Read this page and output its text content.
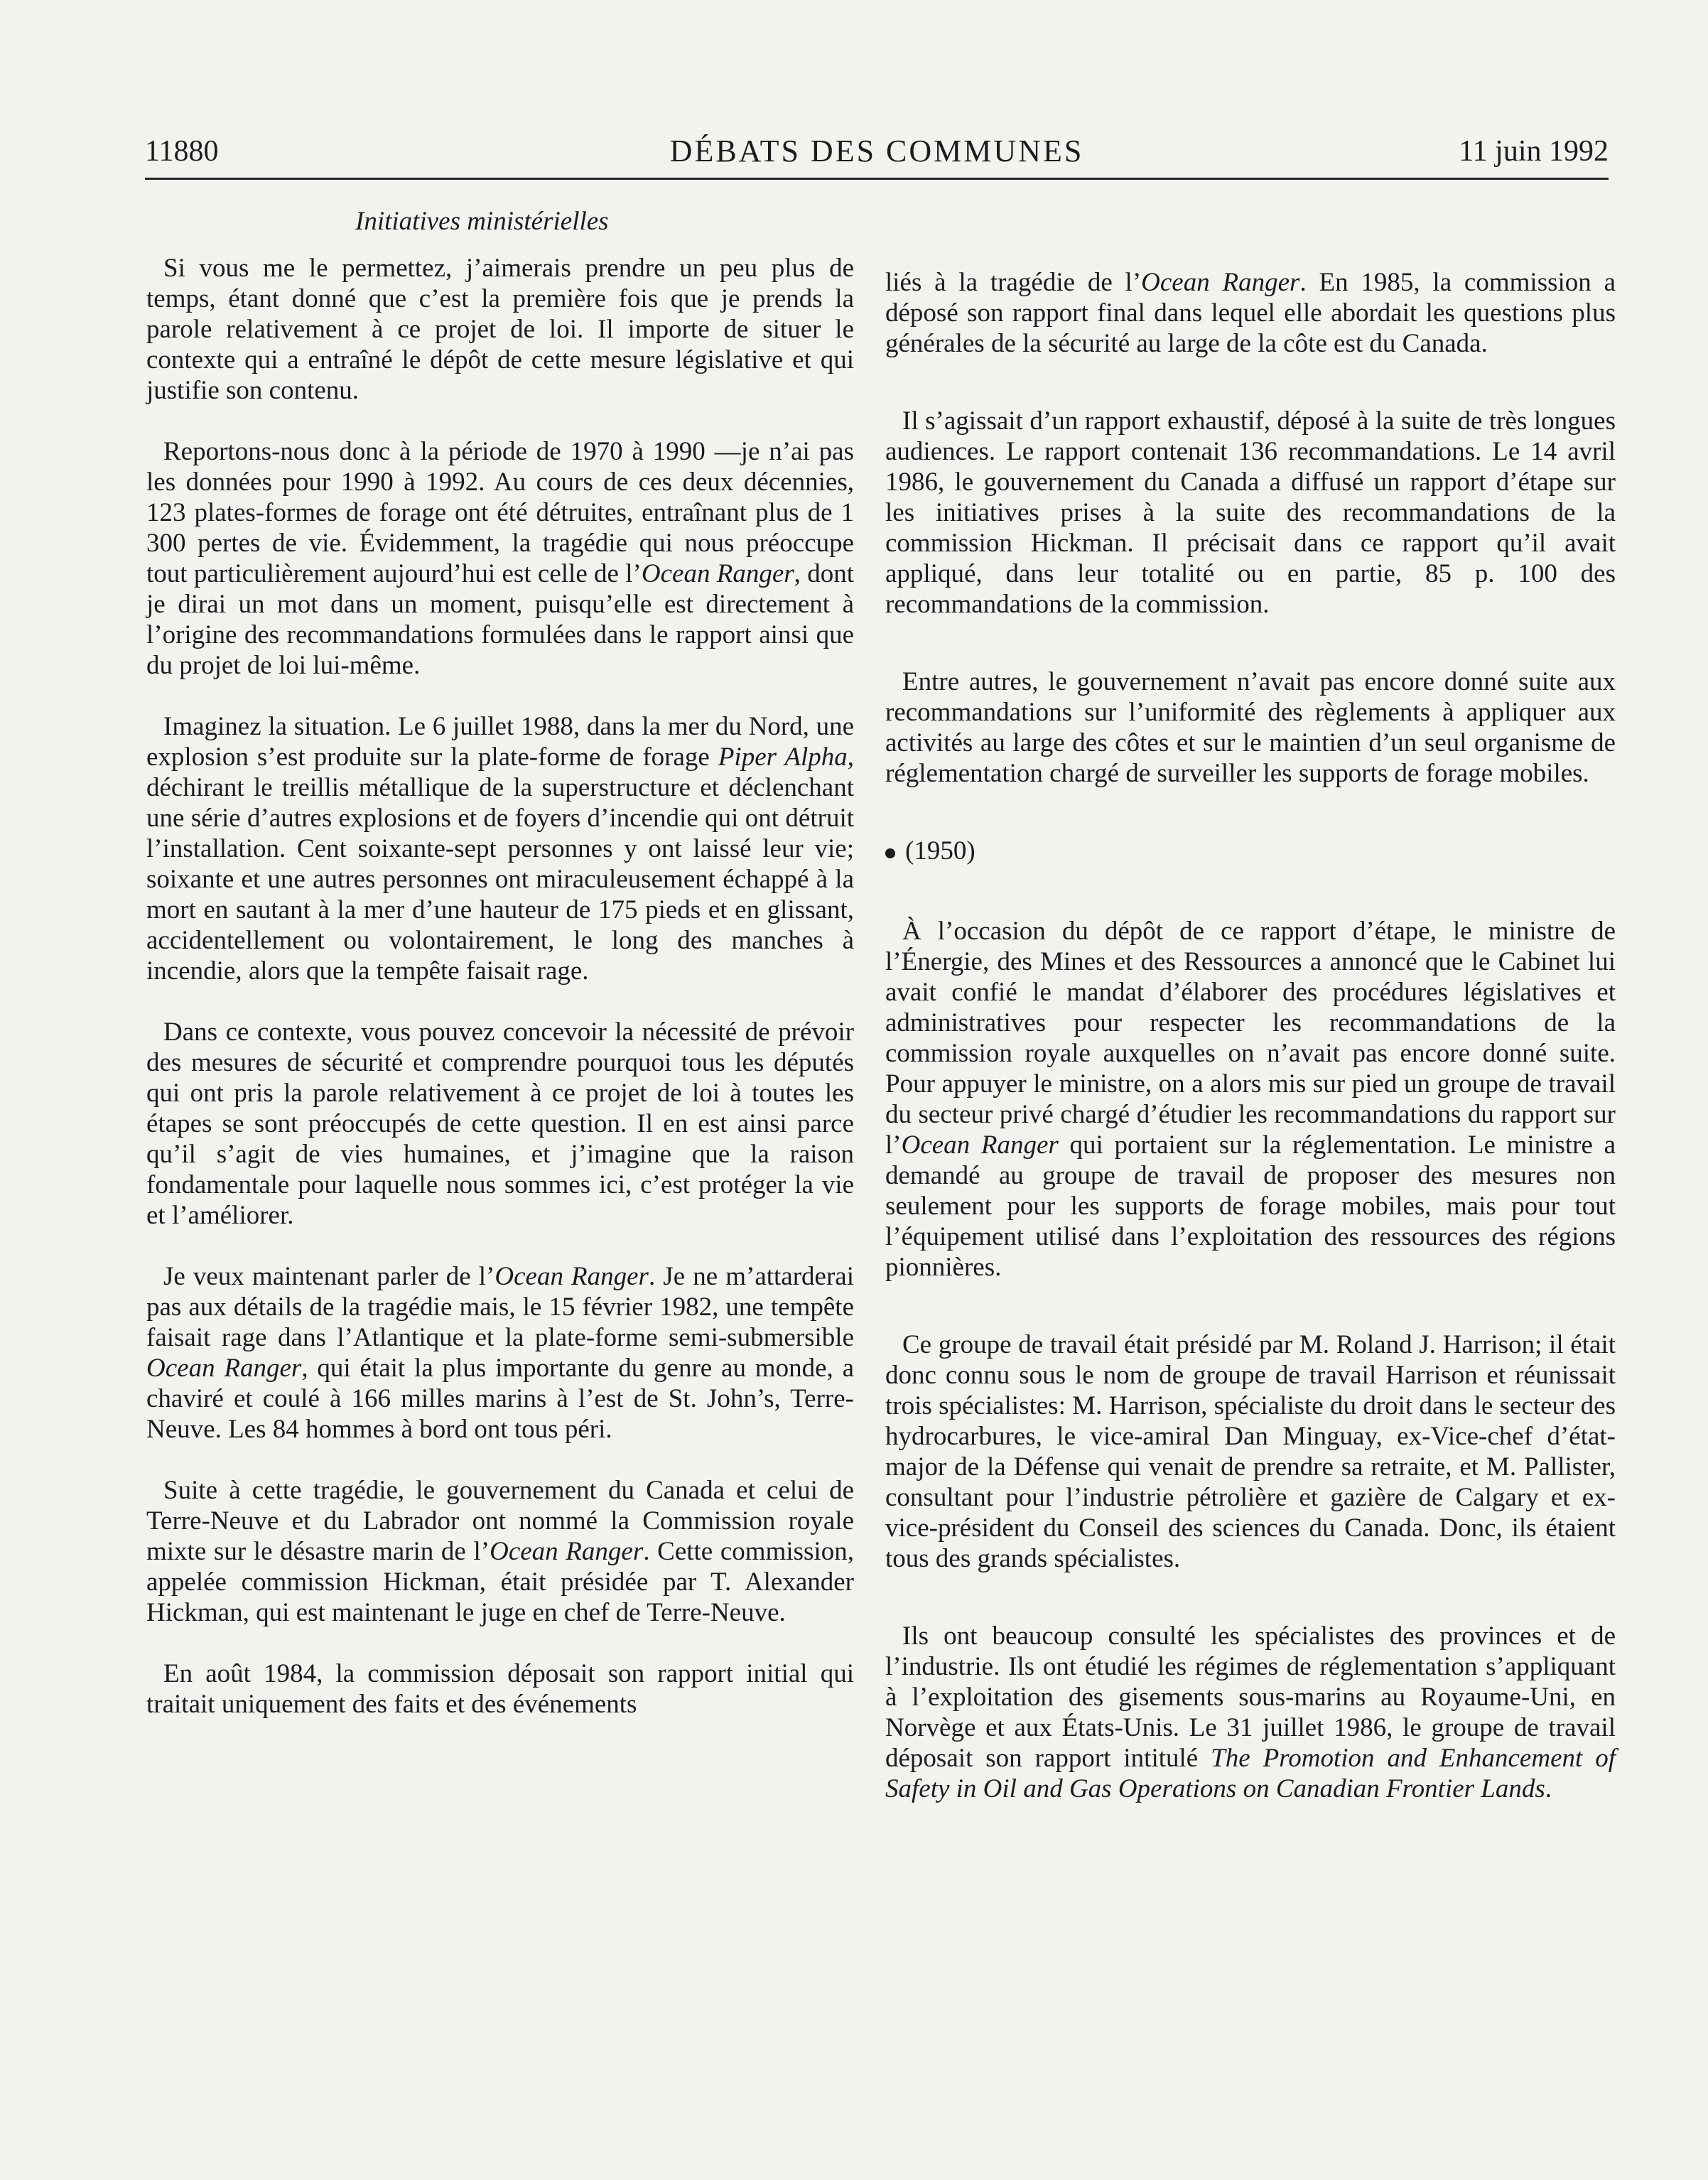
11880	DÉBATS DES COMMUNES	11 juin 1992
Initiatives ministérielles

Si vous me le permettez, j’aimerais prendre un peu plus de temps, étant donné que c’est la première fois que je prends la parole relativement à ce projet de loi. Il importe de situer le contexte qui a entraîné le dépôt de cette mesure législative et qui justifie son contenu.

Reportons-nous donc à la période de 1970 à 1990 —je n’ai pas les données pour 1990 à 1992. Au cours de ces deux décennies, 123 plates-formes de forage ont été détruites, entraînant plus de 1 300 pertes de vie. Évidemment, la tragédie qui nous préoccupe tout particulièrement aujourd’hui est celle de l’Ocean Ranger, dont je dirai un mot dans un moment, puisqu’elle est directement à l’origine des recommandations formulées dans le rapport ainsi que du projet de loi lui-même.

Imaginez la situation. Le 6 juillet 1988, dans la mer du Nord, une explosion s’est produite sur la plate-forme de forage Piper Alpha, déchirant le treillis métallique de la superstructure et déclenchant une série d’autres explosions et de foyers d’incendie qui ont détruit l’installation. Cent soixante-sept personnes y ont laissé leur vie; soixante et une autres personnes ont miraculeusement échappé à la mort en sautant à la mer d’une hauteur de 175 pieds et en glissant, accidentellement ou volontairement, le long des manches à incendie, alors que la tempête faisait rage.

Dans ce contexte, vous pouvez concevoir la nécessité de prévoir des mesures de sécurité et comprendre pourquoi tous les députés qui ont pris la parole relativement à ce projet de loi à toutes les étapes se sont préoccupés de cette question. Il en est ainsi parce qu’il s’agit de vies humaines, et j’imagine que la raison fondamentale pour laquelle nous sommes ici, c’est protéger la vie et l’améliorer.

Je veux maintenant parler de l’Ocean Ranger. Je ne m’attarderai pas aux détails de la tragédie mais, le 15 février 1982, une tempête faisait rage dans l’Atlantique et la plate-forme semi-submersible Ocean Ranger, qui était la plus importante du genre au monde, a chaviré et coulé à 166 milles marins à l’est de St. John’s, Terre-Neuve. Les 84 hommes à bord ont tous péri.

Suite à cette tragédie, le gouvernement du Canada et celui de Terre-Neuve et du Labrador ont nommé la Commission royale mixte sur le désastre marin de l’Ocean Ranger. Cette commission, appelée commission Hickman, était présidée par T. Alexander Hickman, qui est maintenant le juge en chef de Terre-Neuve.

En août 1984, la commission déposait son rapport initial qui traitait uniquement des faits et des événements

liés à la tragédie de l’Ocean Ranger. En 1985, la commission a déposé son rapport final dans lequel elle abordait les questions plus générales de la sécurité au large de la côte est du Canada.

Il s’agissait d’un rapport exhaustif, déposé à la suite de très longues audiences. Le rapport contenait 136 recommandations. Le 14 avril 1986, le gouvernement du Canada a diffusé un rapport d’étape sur les initiatives prises à la suite des recommandations de la commission Hickman. Il précisait dans ce rapport qu’il avait appliqué, dans leur totalité ou en partie, 85 p. 100 des recommandations de la commission.

Entre autres, le gouvernement n’avait pas encore donné suite aux recommandations sur l’uniformité des règlements à appliquer aux activités au large des côtes et sur le maintien d’un seul organisme de réglementation chargé de surveiller les supports de forage mobiles.

(1950)

À l’occasion du dépôt de ce rapport d’étape, le ministre de l’Énergie, des Mines et des Ressources a annoncé que le Cabinet lui avait confié le mandat d’élaborer des procédures législatives et administratives pour respecter les recommandations de la commission royale auxquelles on n’avait pas encore donné suite. Pour appuyer le ministre, on a alors mis sur pied un groupe de travail du secteur privé chargé d’étudier les recommandations du rapport sur l’Ocean Ranger qui portaient sur la réglementation. Le ministre a demandé au groupe de travail de proposer des mesures non seulement pour les supports de forage mobiles, mais pour tout l’équipement utilisé dans l’exploitation des ressources des régions pionnières.

Ce groupe de travail était présidé par M. Roland J. Harrison; il était donc connu sous le nom de groupe de travail Harrison et réunissait trois spécialistes: M. Harrison, spécialiste du droit dans le secteur des hydrocarbures, le vice-amiral Dan Minguay, ex-Vice-chef d’état-major de la Défense qui venait de prendre sa retraite, et M. Pallister, consultant pour l’industrie pétrolière et gazière de Calgary et ex-vice-président du Conseil des sciences du Canada. Donc, ils étaient tous des grands spécialistes.

Ils ont beaucoup consulté les spécialistes des provinces et de l’industrie. Ils ont étudié les régimes de réglementation s’appliquant à l’exploitation des gisements sous-marins au Royaume-Uni, en Norvège et aux États-Unis. Le 31 juillet 1986, le groupe de travail déposait son rapport intitulé The Promotion and Enhancement of Safety in Oil and Gas Operations on Canadian Frontier Lands.
